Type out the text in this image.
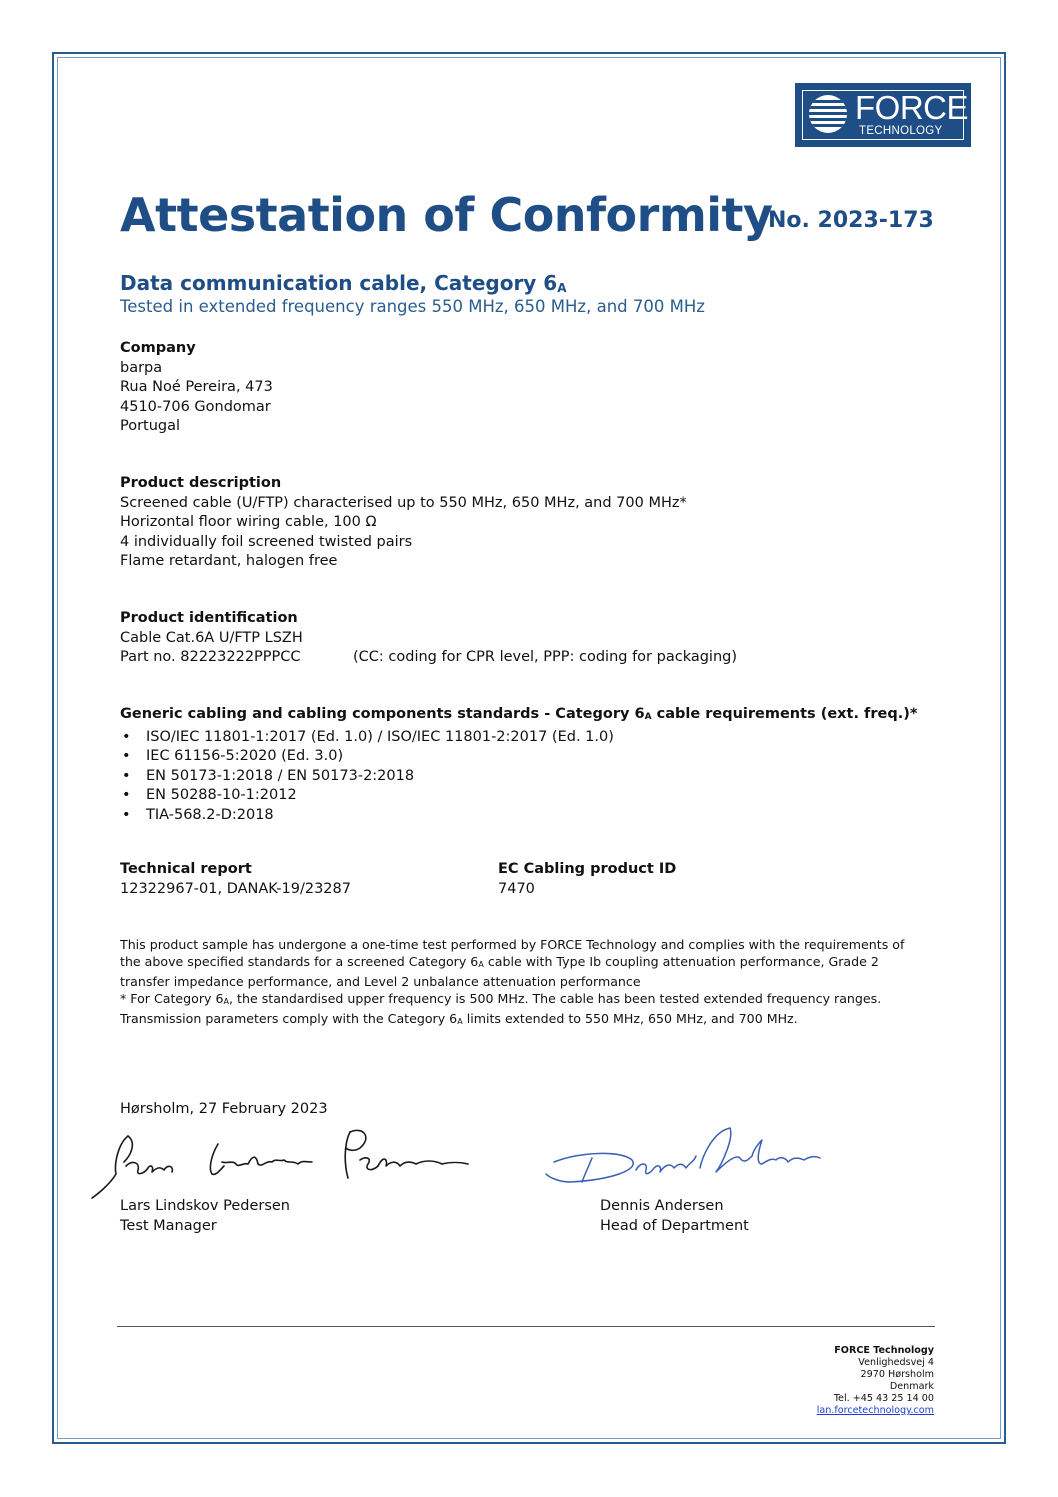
FORCE
TECHNOLOGY
Attestation of Conformity
No. 2023-173
Data communication cable, Category $6_A$
Tested in extended frequency ranges 550 MHz, 650 MHz, and 700 MHz
Company
barpa
Rua Noé Pereira, 473
4510-706 Gondomar
Portugal
Product description
Screened cable (U/FTP) characterised up to 550 MHz, 650 MHz, and 700 MHz*
Horizontal floor wiring cable, 100 Ω
4 individually foil screened twisted pairs
Flame retardant, halogen free
Product identification
Cable Cat.6A U/FTP LSZH
Part no. 82223222PPPCC	(CC: coding for CPR level, PPP: coding for packaging)
Generic cabling and cabling components standards - Category $6_A$ cable requirements (ext. freq.)*
• ISO/IEC 11801-1:2017 (Ed. 1.0) / ISO/IEC 11801-2:2017 (Ed. 1.0)
• IEC 61156-5:2020 (Ed. 3.0)
• EN 50173-1:2018 / EN 50173-2:2018
• EN 50288-10-1:2012
• TIA-568.2-D:2018
Technical report
12322967-01, DANAK-19/23287
EC Cabling product ID
7470
This product sample has undergone a one-time test performed by FORCE Technology and complies with the requirements of the above specified standards for a screened Category $6_A$ cable with Type Ib coupling attenuation performance, Grade 2 transfer impedance performance, and Level 2 unbalance attenuation performance
* For Category $6_A$, the standardised upper frequency is 500 MHz. The cable has been tested extended frequency ranges.
Transmission parameters comply with the Category $6_A$ limits extended to 550 MHz, 650 MHz, and 700 MHz.
Hørsholm, 27 February 2023
Lars Lindskov Pedersen
Test Manager
Dennis Andersen
Head of Department
FORCE Technology
Venlighedsvej 4
2970 Hørsholm
Denmark
Tel. +45 43 25 14 00
lan.forcetechnology.com
